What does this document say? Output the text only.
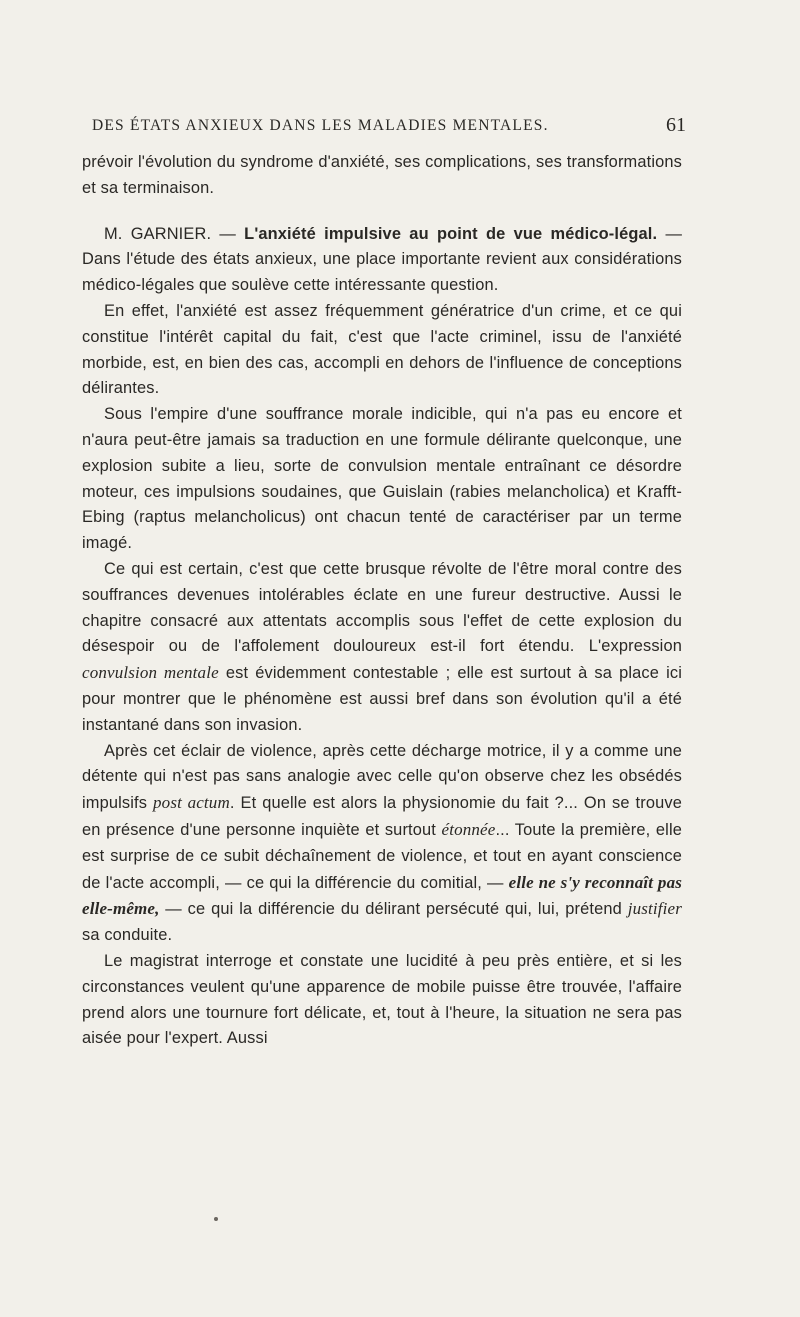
DES ÉTATS ANXIEUX DANS LES MALADIES MENTALES.	61

prévoir l'évolution du syndrome d'anxiété, ses complications, ses transformations et sa terminaison.

M. GARNIER. — L'anxiété impulsive au point de vue médico-légal. — Dans l'étude des états anxieux, une place importante revient aux considérations médico-légales que soulève cette intéressante question.

En effet, l'anxiété est assez fréquemment génératrice d'un crime, et ce qui constitue l'intérêt capital du fait, c'est que l'acte criminel, issu de l'anxiété morbide, est, en bien des cas, accompli en dehors de l'influence de conceptions délirantes.

Sous l'empire d'une souffrance morale indicible, qui n'a pas eu encore et n'aura peut-être jamais sa traduction en une formule délirante quelconque, une explosion subite a lieu, sorte de convulsion mentale entraînant ce désordre moteur, ces impulsions soudaines, que Guislain (rabies melancholica) et Krafft-Ebing (raptus melancholicus) ont chacun tenté de caractériser par un terme imagé.

Ce qui est certain, c'est que cette brusque révolte de l'être moral contre des souffrances devenues intolérables éclate en une fureur destructive. Aussi le chapitre consacré aux attentats accomplis sous l'effet de cette explosion du désespoir ou de l'affolement douloureux est-il fort étendu. L'expression convulsion mentale est évidemment contestable ; elle est surtout à sa place ici pour montrer que le phénomène est aussi bref dans son évolution qu'il a été instantané dans son invasion.

Après cet éclair de violence, après cette décharge motrice, il y a comme une détente qui n'est pas sans analogie avec celle qu'on observe chez les obsédés impulsifs post actum. Et quelle est alors la physionomie du fait ?... On se trouve en présence d'une personne inquiète et surtout étonnée... Toute la première, elle est surprise de ce subit déchaînement de violence, et tout en ayant conscience de l'acte accompli, — ce qui la différencie du comitial, — elle ne s'y reconnaît pas elle-même, — ce qui la différencie du délirant persécuté qui, lui, prétend justifier sa conduite.

Le magistrat interroge et constate une lucidité à peu près entière, et si les circonstances veulent qu'une apparence de mobile puisse être trouvée, l'affaire prend alors une tournure fort délicate, et, tout à l'heure, la situation ne sera pas aisée pour l'expert. Aussi
